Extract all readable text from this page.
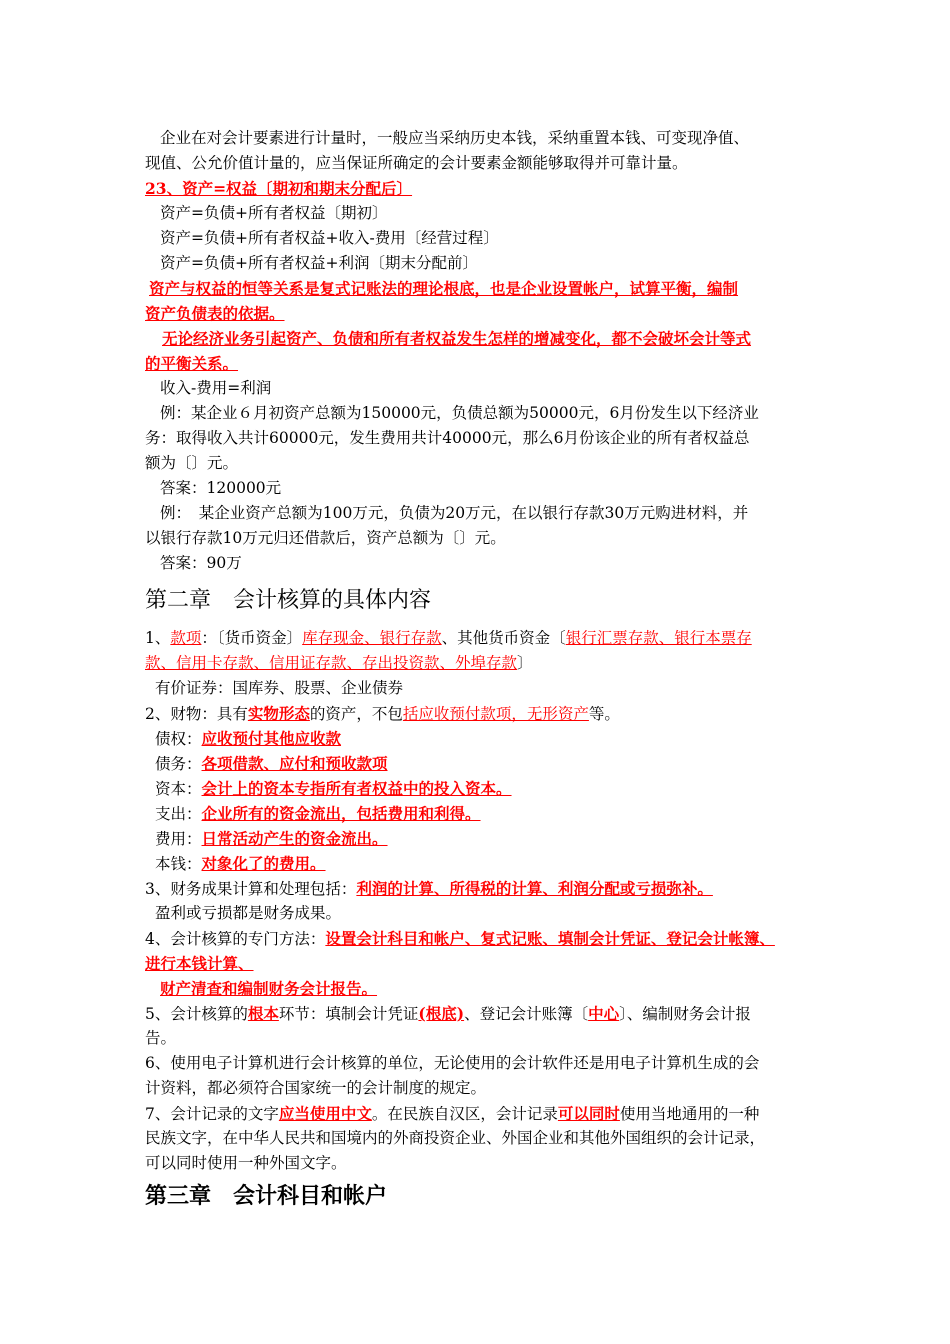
企业在对会计要素进行计量时，一般应当采纳历史本钱，采纳重置本钱、可变现净值、
现值、公允价值计量的，应当保证所确定的会计要素金额能够取得并可靠计量。
23、资产=权益〔期初和期末分配后〕
资产=负债+所有者权益〔期初〕
资产=负债+所有者权益+收入-费用〔经营过程〕
资产=负债+所有者权益+利润〔期末分配前〕
资产与权益的恒等关系是复式记账法的理论根底，也是企业设置帐户，试算平衡，编制
资产负债表的依据。
无论经济业务引起资产、负债和所有者权益发生怎样的增减变化，都不会破坏会计等式
的平衡关系。
收入-费用=利润
例：某企业６月初资产总额为150000元，负债总额为50000元，6月份发生以下经济业
务：取得收入共计60000元，发生费用共计40000元，那么6月份该企业的所有者权益总
额为〔〕元。
答案：120000元
例：　某企业资产总额为100万元，负债为20万元，在以银行存款30万元购进材料，并
以银行存款10万元归还借款后，资产总额为〔〕元。
答案：90万
第二章　会计核算的具体内容
1、款项：〔货币资金〕库存现金、银行存款、其他货币资金〔银行汇票存款、银行本票存
款、信用卡存款、信用证存款、存出投资款、外埠存款〕
有价证券：国库券、股票、企业债券
2、财物：具有实物形态的资产，不包括应收预付款项，无形资产等。
债权：应收预付其他应收款
债务：各项借款、应付和预收款项
资本：会计上的资本专指所有者权益中的投入资本。
支出：企业所有的资金流出，包括费用和利得。
费用：日常活动产生的资金流出。
本钱：对象化了的费用。
3、财务成果计算和处理包括：利润的计算、所得税的计算、利润分配或亏损弥补。
盈利或亏损都是财务成果。
4、会计核算的专门方法：设置会计科目和帐户、复式记账、填制会计凭证、登记会计帐簿、
进行本钱计算、
财产清查和编制财务会计报告。
5、会计核算的根本环节：填制会计凭证(根底)、登记会计账簿〔中心〕、编制财务会计报
告。
6、使用电子计算机进行会计核算的单位，无论使用的会计软件还是用电子计算机生成的会
计资料，都必须符合国家统一的会计制度的规定。
7、会计记录的文字应当使用中文。在民族自汉区，会计记录可以同时使用当地通用的一种
民族文字，在中华人民共和国境内的外商投资企业、外国企业和其他外国组织的会计记录，
可以同时使用一种外国文字。
第三章　会计科目和帐户
